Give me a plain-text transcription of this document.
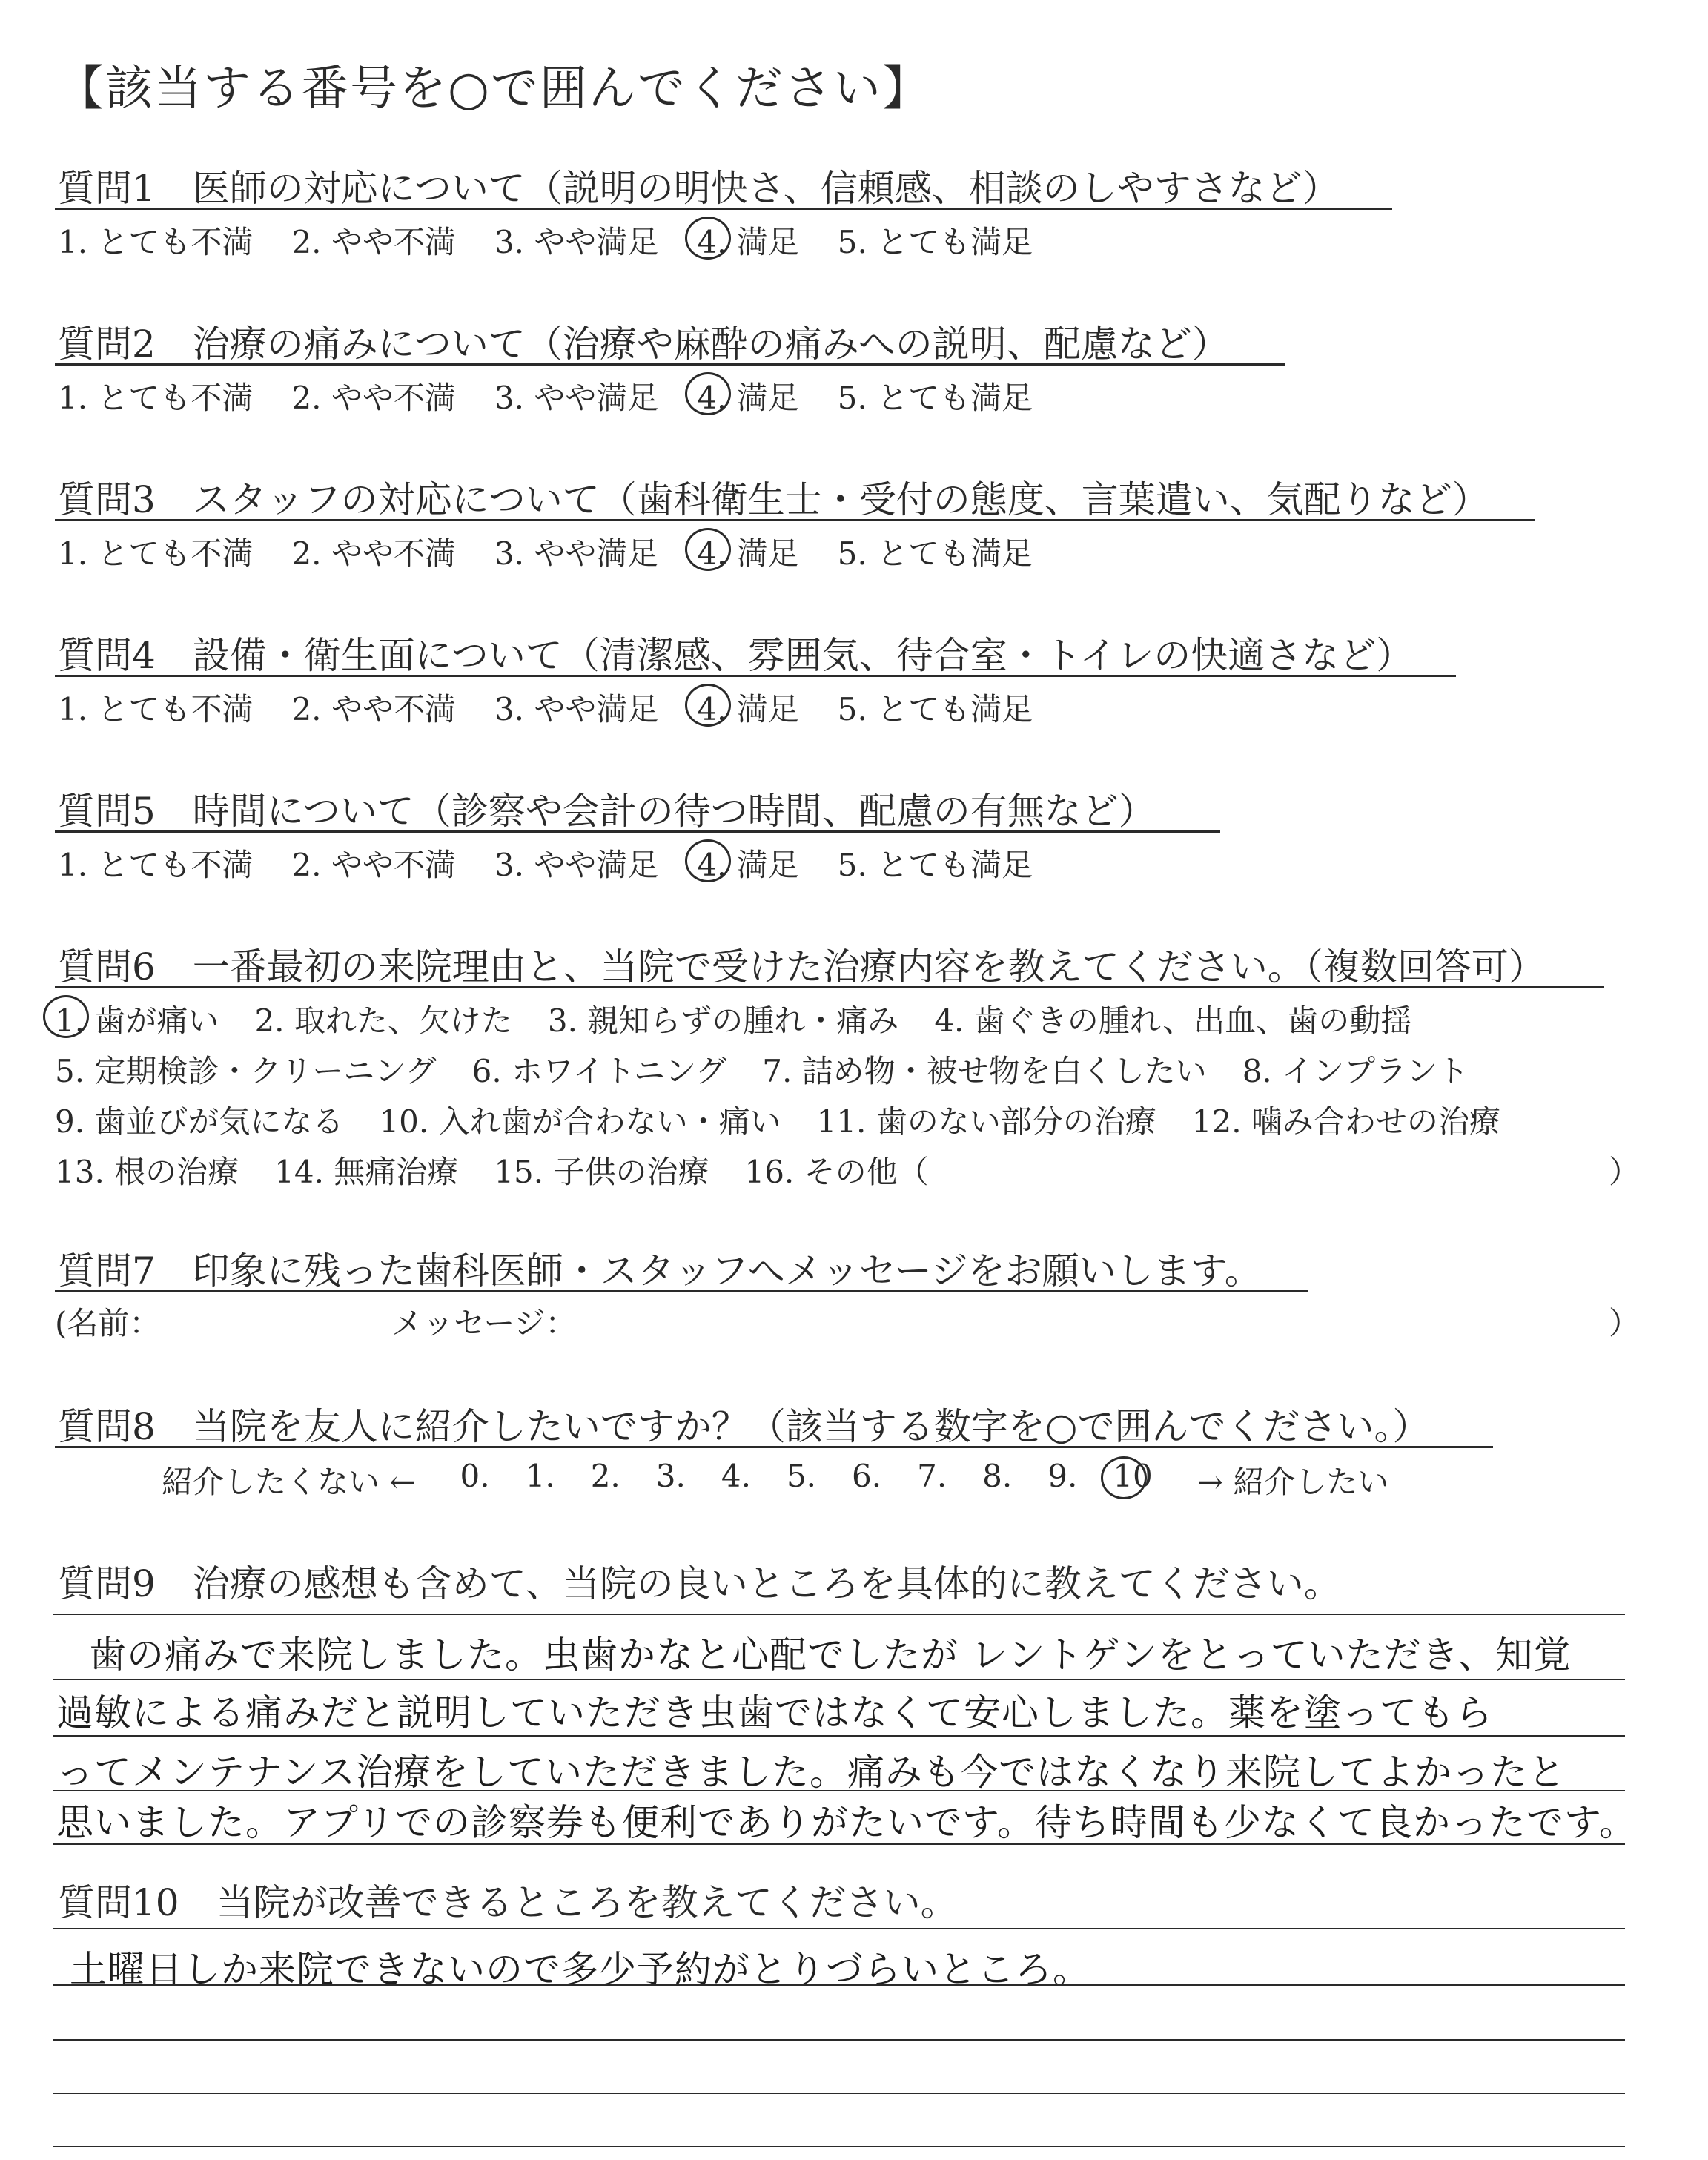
【該当する番号を○で囲んでください】
質問1　医師の対応について（説明の明快さ、信頼感、相談のしやすさなど）
1. とても不満 2. やや不満 3. やや満足 4. 満足 5. とても満足
質問2　治療の痛みについて（治療や麻酔の痛みへの説明、配慮など）
1. とても不満 2. やや不満 3. やや満足 4. 満足 5. とても満足
質問3　スタッフの対応について（歯科衛生士・受付の態度、言葉遣い、気配りなど）
1. とても不満 2. やや不満 3. やや満足 4. 満足 5. とても満足
質問4　設備・衛生面について（清潔感、雰囲気、待合室・トイレの快適さなど）
1. とても不満 2. やや不満 3. やや満足 4. 満足 5. とても満足
質問5　時間について（診察や会計の待つ時間、配慮の有無など）
1. とても不満 2. やや不満 3. やや満足 4. 満足 5. とても満足
質問6　一番最初の来院理由と、当院で受けた治療内容を教えてください。（複数回答可）
1. 歯が痛い 2. 取れた、欠けた 3. 親知らずの腫れ・痛み 4. 歯ぐきの腫れ、出血、歯の動揺
5. 定期検診・クリーニング 6. ホワイトニング 7. 詰め物・被せ物を白くしたい 8. インプラント
9. 歯並びが気になる 10. 入れ歯が合わない・痛い 11. 歯のない部分の治療 12. 噛み合わせの治療
13. 根の治療 14. 無痛治療 15. 子供の治療 16. その他（	）
質問7　印象に残った歯科医師・スタッフへメッセージをお願いします。
(名前：	メッセージ：	）
質問8　当院を友人に紹介したいですか？（該当する数字を○で囲んでください。）
紹介したくない ← 0. 1. 2. 3. 4. 5. 6. 7. 8. 9. 10 → 紹介したい
質問9　治療の感想も含めて、当院の良いところを具体的に教えてください。
歯の痛みで来院しました。虫歯かなと心配でしたが レントゲンをとっていただき、知覚
過敏による痛みだと説明していただき虫歯ではなくて安心しました。薬を塗ってもら
ってメンテナンス治療をしていただきました。痛みも今ではなくなり来院してよかったと
思いました。アプリでの診察券も便利でありがたいです。待ち時間も少なくて良かったです。
質問10　当院が改善できるところを教えてください。
土曜日しか来院できないので多少予約がとりづらいところ。
